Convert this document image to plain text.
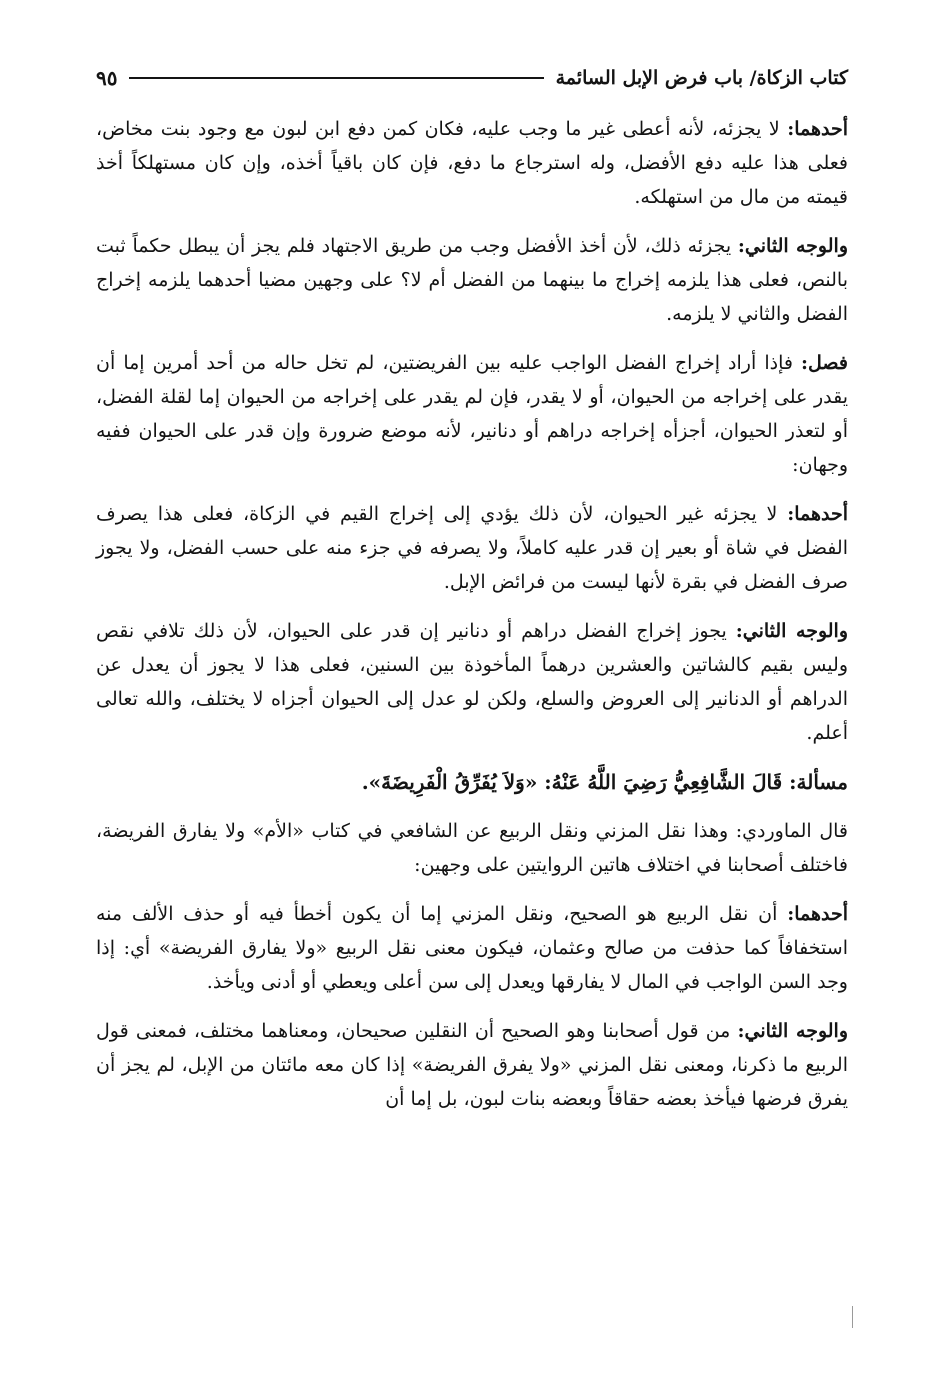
كتاب الزكاة/ باب فرض الإبل السائمة
٩٥

أحدهما: لا يجزئه، لأنه أعطى غير ما وجب عليه، فكان كمن دفع ابن لبون مع وجود بنت مخاض، فعلى هذا عليه دفع الأفضل، وله استرجاع ما دفع، فإن كان باقياً أخذه، وإن كان مستهلكاً أخذ قيمته من مال من استهلكه.

والوجه الثاني: يجزئه ذلك، لأن أخذ الأفضل وجب من طريق الاجتهاد فلم يجز أن يبطل حكماً ثبت بالنص، فعلى هذا يلزمه إخراج ما بينهما من الفضل أم لا؟ على وجهين مضيا أحدهما يلزمه إخراج الفضل والثاني لا يلزمه.

فصل: فإذا أراد إخراج الفضل الواجب عليه بين الفريضتين، لم تخل حاله من أحد أمرين إما أن يقدر على إخراجه من الحيوان، أو لا يقدر، فإن لم يقدر على إخراجه من الحيوان إما لقلة الفضل، أو لتعذر الحيوان، أجزأه إخراجه دراهم أو دنانير، لأنه موضع ضرورة وإن قدر على الحيوان ففيه وجهان:

أحدهما: لا يجزئه غير الحيوان، لأن ذلك يؤدي إلى إخراج القيم في الزكاة، فعلى هذا يصرف الفضل في شاة أو بعير إن قدر عليه كاملاً، ولا يصرفه في جزء منه على حسب الفضل، ولا يجوز صرف الفضل في بقرة لأنها ليست من فرائض الإبل.

والوجه الثاني: يجوز إخراج الفضل دراهم أو دنانير إن قدر على الحيوان، لأن ذلك تلافي نقص وليس بقيم كالشاتين والعشرين درهماً المأخوذة بين السنين، فعلى هذا لا يجوز أن يعدل عن الدراهم أو الدنانير إلى العروض والسلع، ولكن لو عدل إلى الحيوان أجزاه لا يختلف، والله تعالى أعلم.

مسألة: قَالَ الشَّافِعِيُّ رَضِيَ اللَّهُ عَنْهُ: «وَلاَ يُفَرِّقُ الْفَرِيضَةَ».

قال الماوردي: وهذا نقل المزني ونقل الربيع عن الشافعي في كتاب «الأم» ولا يفارق الفريضة، فاختلف أصحابنا في اختلاف هاتين الروايتين على وجهين:

أحدهما: أن نقل الربيع هو الصحيح، ونقل المزني إما أن يكون أخطأ فيه أو حذف الألف منه استخفافاً كما حذفت من صالح وعثمان، فيكون معنى نقل الربيع «ولا يفارق الفريضة» أي: إذا وجد السن الواجب في المال لا يفارقها ويعدل إلى سن أعلى ويعطي أو أدنى ويأخذ.

والوجه الثاني: من قول أصحابنا وهو الصحيح أن النقلين صحيحان، ومعناهما مختلف، فمعنى قول الربيع ما ذكرنا، ومعنى نقل المزني «ولا يفرق الفريضة» إذا كان معه مائتان من الإبل، لم يجز أن يفرق فرضها فيأخذ بعضه حقاقاً وبعضه بنات لبون، بل إما أن
